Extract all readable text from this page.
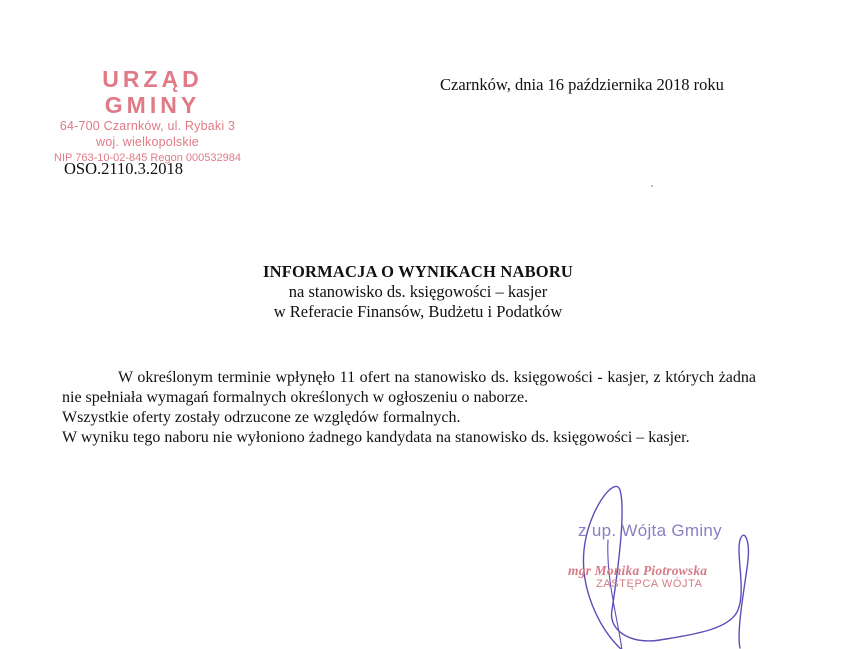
URZĄD GMINY
64-700 Czarnków, ul. Rybaki 3
woj. wielkopolskie
NIP 763-10-02-845 Regon 000532984
Czarnków, dnia 16 października 2018 roku
OSO.2110.3.2018
INFORMACJA O WYNIKACH NABORU
na stanowisko ds. księgowości – kasjer
w Referacie Finansów, Budżetu i Podatków

W określonym terminie wpłynęło 11 ofert na stanowisko ds. księgowości - kasjer, z których żadna nie spełniała wymagań formalnych określonych w ogłoszeniu o naborze.

Wszystkie oferty zostały odrzucone ze względów formalnych.

W wyniku tego naboru nie wyłoniono żadnego kandydata na stanowisko ds. księgowości – kasjer.

z up. Wójta Gminy
mgr Monika Piotrowska
ZASTĘPCA WÓJTA
